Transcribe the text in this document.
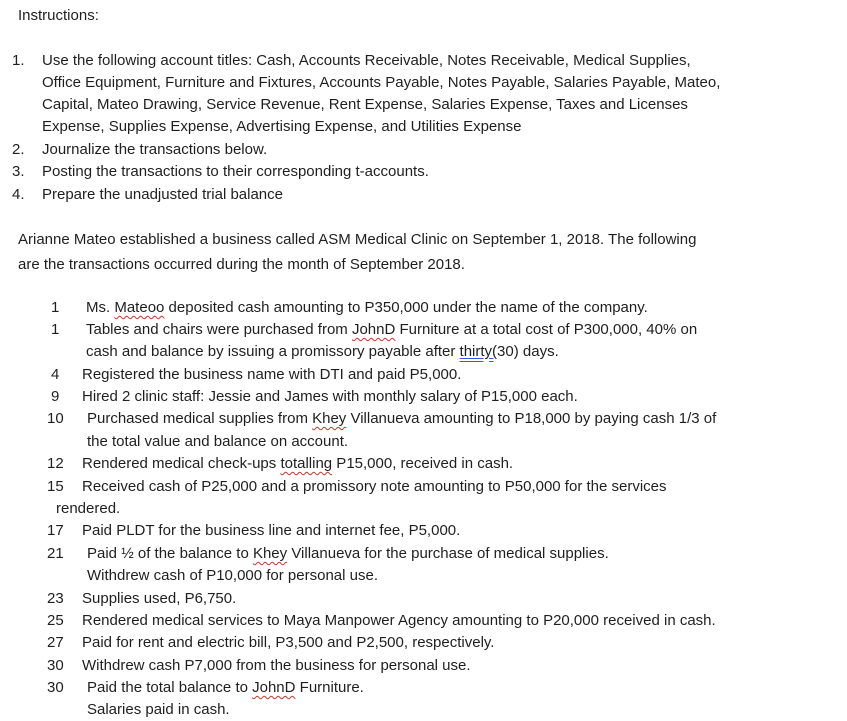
Instructions:
1. Use the following account titles: Cash, Accounts Receivable, Notes Receivable, Medical Supplies,
Office Equipment, Furniture and Fixtures, Accounts Payable, Notes Payable, Salaries Payable, Mateo,
Capital, Mateo Drawing, Service Revenue, Rent Expense, Salaries Expense, Taxes and Licenses
Expense, Supplies Expense, Advertising Expense, and Utilities Expense
2. Journalize the transactions below.
3. Posting the transactions to their corresponding t-accounts.
4. Prepare the unadjusted trial balance
Arianne Mateo established a business called ASM Medical Clinic on September 1, 2018. The following
are the transactions occurred during the month of September 2018.
1 Ms. Mateoo deposited cash amounting to P350,000 under the name of the company.
1 Tables and chairs were purchased from JohnD Furniture at a total cost of P300,000, 40% on
cash and balance by issuing a promissory payable after thirty(30) days.
4 Registered the business name with DTI and paid P5,000.
9 Hired 2 clinic staff: Jessie and James with monthly salary of P15,000 each.
10 Purchased medical supplies from Khey Villanueva amounting to P18,000 by paying cash 1/3 of
the total value and balance on account.
12 Rendered medical check-ups totalling P15,000, received in cash.
15 Received cash of P25,000 and a promissory note amounting to P50,000 for the services
rendered.
17 Paid PLDT for the business line and internet fee, P5,000.
21 Paid ½ of the balance to Khey Villanueva for the purchase of medical supplies.
Withdrew cash of P10,000 for personal use.
23 Supplies used, P6,750.
25 Rendered medical services to Maya Manpower Agency amounting to P20,000 received in cash.
27 Paid for rent and electric bill, P3,500 and P2,500, respectively.
30 Withdrew cash P7,000 from the business for personal use.
30 Paid the total balance to JohnD Furniture.
Salaries paid in cash.
